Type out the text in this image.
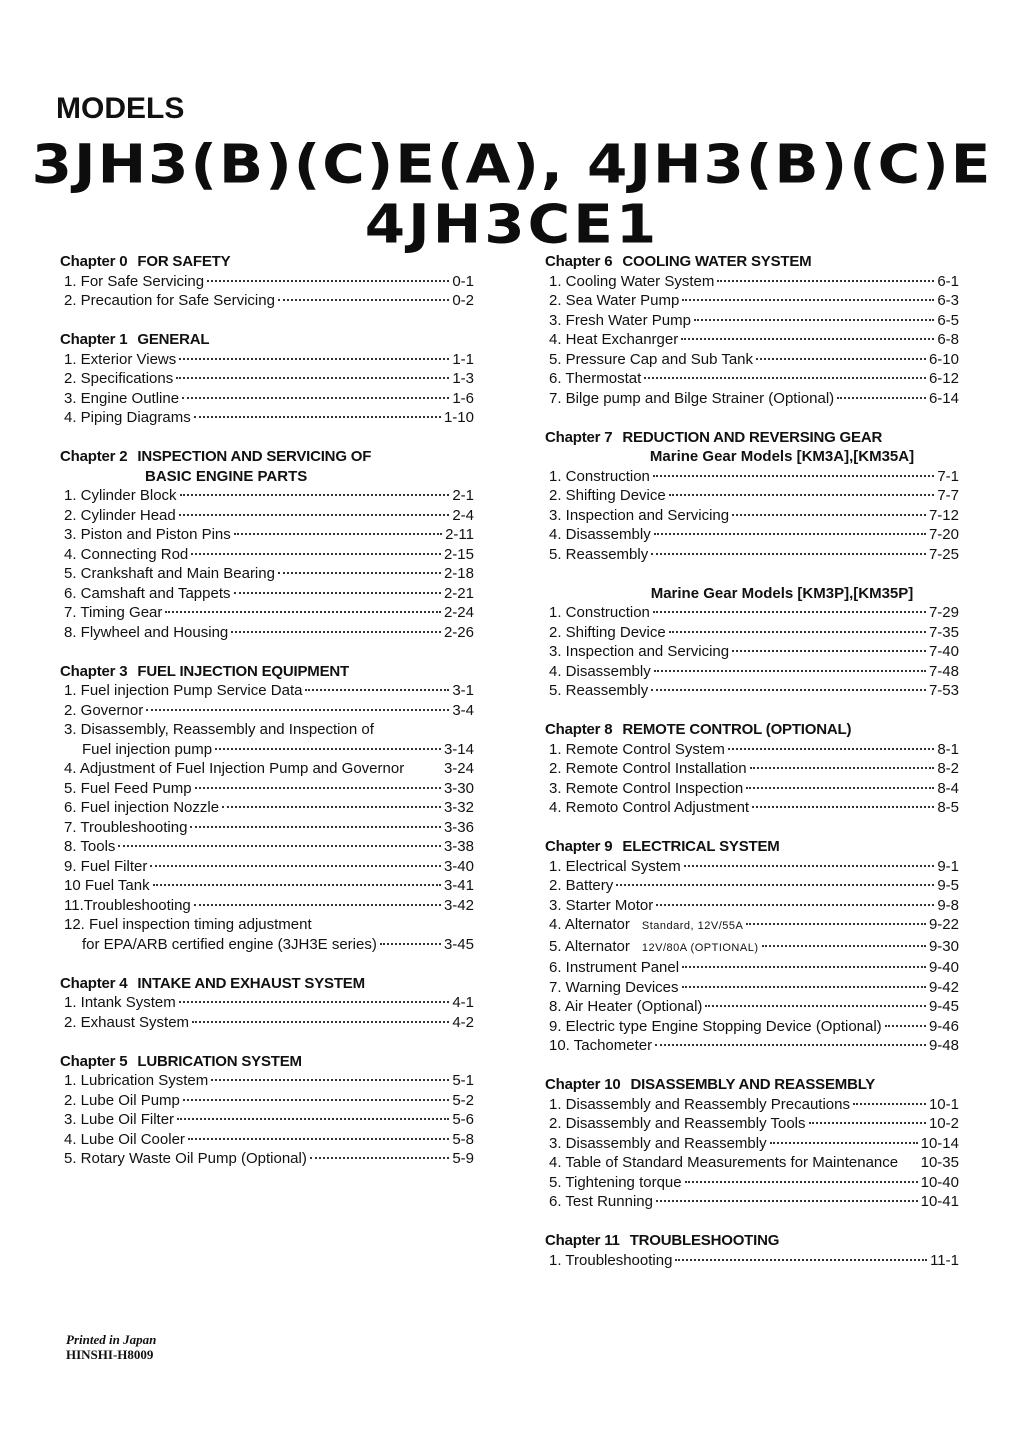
MODELS
3JH3(B)(C)E(A), 4JH3(B)(C)E
4JH3CE1
Chapter 0 FOR SAFETY
1. For Safe Servicing	0-1
2. Precaution for Safe Servicing	0-2
Chapter 1 GENERAL
1. Exterior Views	1-1
2. Specifications	1-3
3. Engine Outline	1-6
4. Piping Diagrams	1-10
Chapter 2 INSPECTION AND SERVICING OF
BASIC ENGINE PARTS
1. Cylinder Block	2-1
2. Cylinder Head	2-4
3. Piston and Piston Pins	2-11
4. Connecting Rod	2-15
5. Crankshaft and Main Bearing	2-18
6. Camshaft and Tappets	2-21
7. Timing Gear	2-24
8. Flywheel and Housing	2-26
Chapter 3 FUEL INJECTION EQUIPMENT
1. Fuel injection Pump Service Data	3-1
2. Governor	3-4
3. Disassembly, Reassembly and Inspection of
Fuel injection pump	3-14
4. Adjustment of Fuel Injection Pump and Governor	3-24
5. Fuel Feed Pump	3-30
6. Fuel injection Nozzle	3-32
7. Troubleshooting	3-36
8. Tools	3-38
9. Fuel Filter	3-40
10 Fuel Tank	3-41
11.Troubleshooting	3-42
12. Fuel inspection timing adjustment
for EPA/ARB certified engine (3JH3E series)	3-45
Chapter 4 INTAKE AND EXHAUST SYSTEM
1. Intank System	4-1
2. Exhaust System	4-2
Chapter 5 LUBRICATION SYSTEM
1. Lubrication System	5-1
2. Lube Oil Pump	5-2
3. Lube Oil Filter	5-6
4. Lube Oil Cooler	5-8
5. Rotary Waste Oil Pump (Optional)	5-9
Chapter 6 COOLING WATER SYSTEM
1. Cooling Water System	6-1
2. Sea Water Pump	6-3
3. Fresh Water Pump	6-5
4. Heat Exchanrger	6-8
5. Pressure Cap and Sub Tank	6-10
6. Thermostat	6-12
7. Bilge pump and Bilge Strainer (Optional)	6-14
Chapter 7 REDUCTION AND REVERSING GEAR
Marine Gear Models [KM3A],[KM35A]
1. Construction	7-1
2. Shifting Device	7-7
3. Inspection and Servicing	7-12
4. Disassembly	7-20
5. Reassembly	7-25
Marine Gear Models [KM3P],[KM35P]
1. Construction	7-29
2. Shifting Device	7-35
3. Inspection and Servicing	7-40
4. Disassembly	7-48
5. Reassembly	7-53
Chapter 8 REMOTE CONTROL (OPTIONAL)
1. Remote Control System	8-1
2. Remote Control Installation	8-2
3. Remote Control Inspection	8-4
4. Remoto Control Adjustment	8-5
Chapter 9 ELECTRICAL SYSTEM
1. Electrical System	9-1
2. Battery	9-5
3. Starter Motor	9-8
4. Alternator Standard, 12V/55A	9-22
5. Alternator 12V/80A (OPTIONAL)	9-30
6. Instrument Panel	9-40
7. Warning Devices	9-42
8. Air Heater (Optional)	9-45
9. Electric type Engine Stopping Device (Optional)	9-46
10. Tachometer	9-48
Chapter 10 DISASSEMBLY AND REASSEMBLY
1. Disassembly and Reassembly Precautions	10-1
2. Disassembly and Reassembly Tools	10-2
3. Disassembly and Reassembly	10-14
4. Table of Standard Measurements for Maintenance 10-35
5. Tightening torque	10-40
6. Test Running	10-41
Chapter 11 TROUBLESHOOTING
1. Troubleshooting	11-1
Printed in Japan
HINSHI-H8009
